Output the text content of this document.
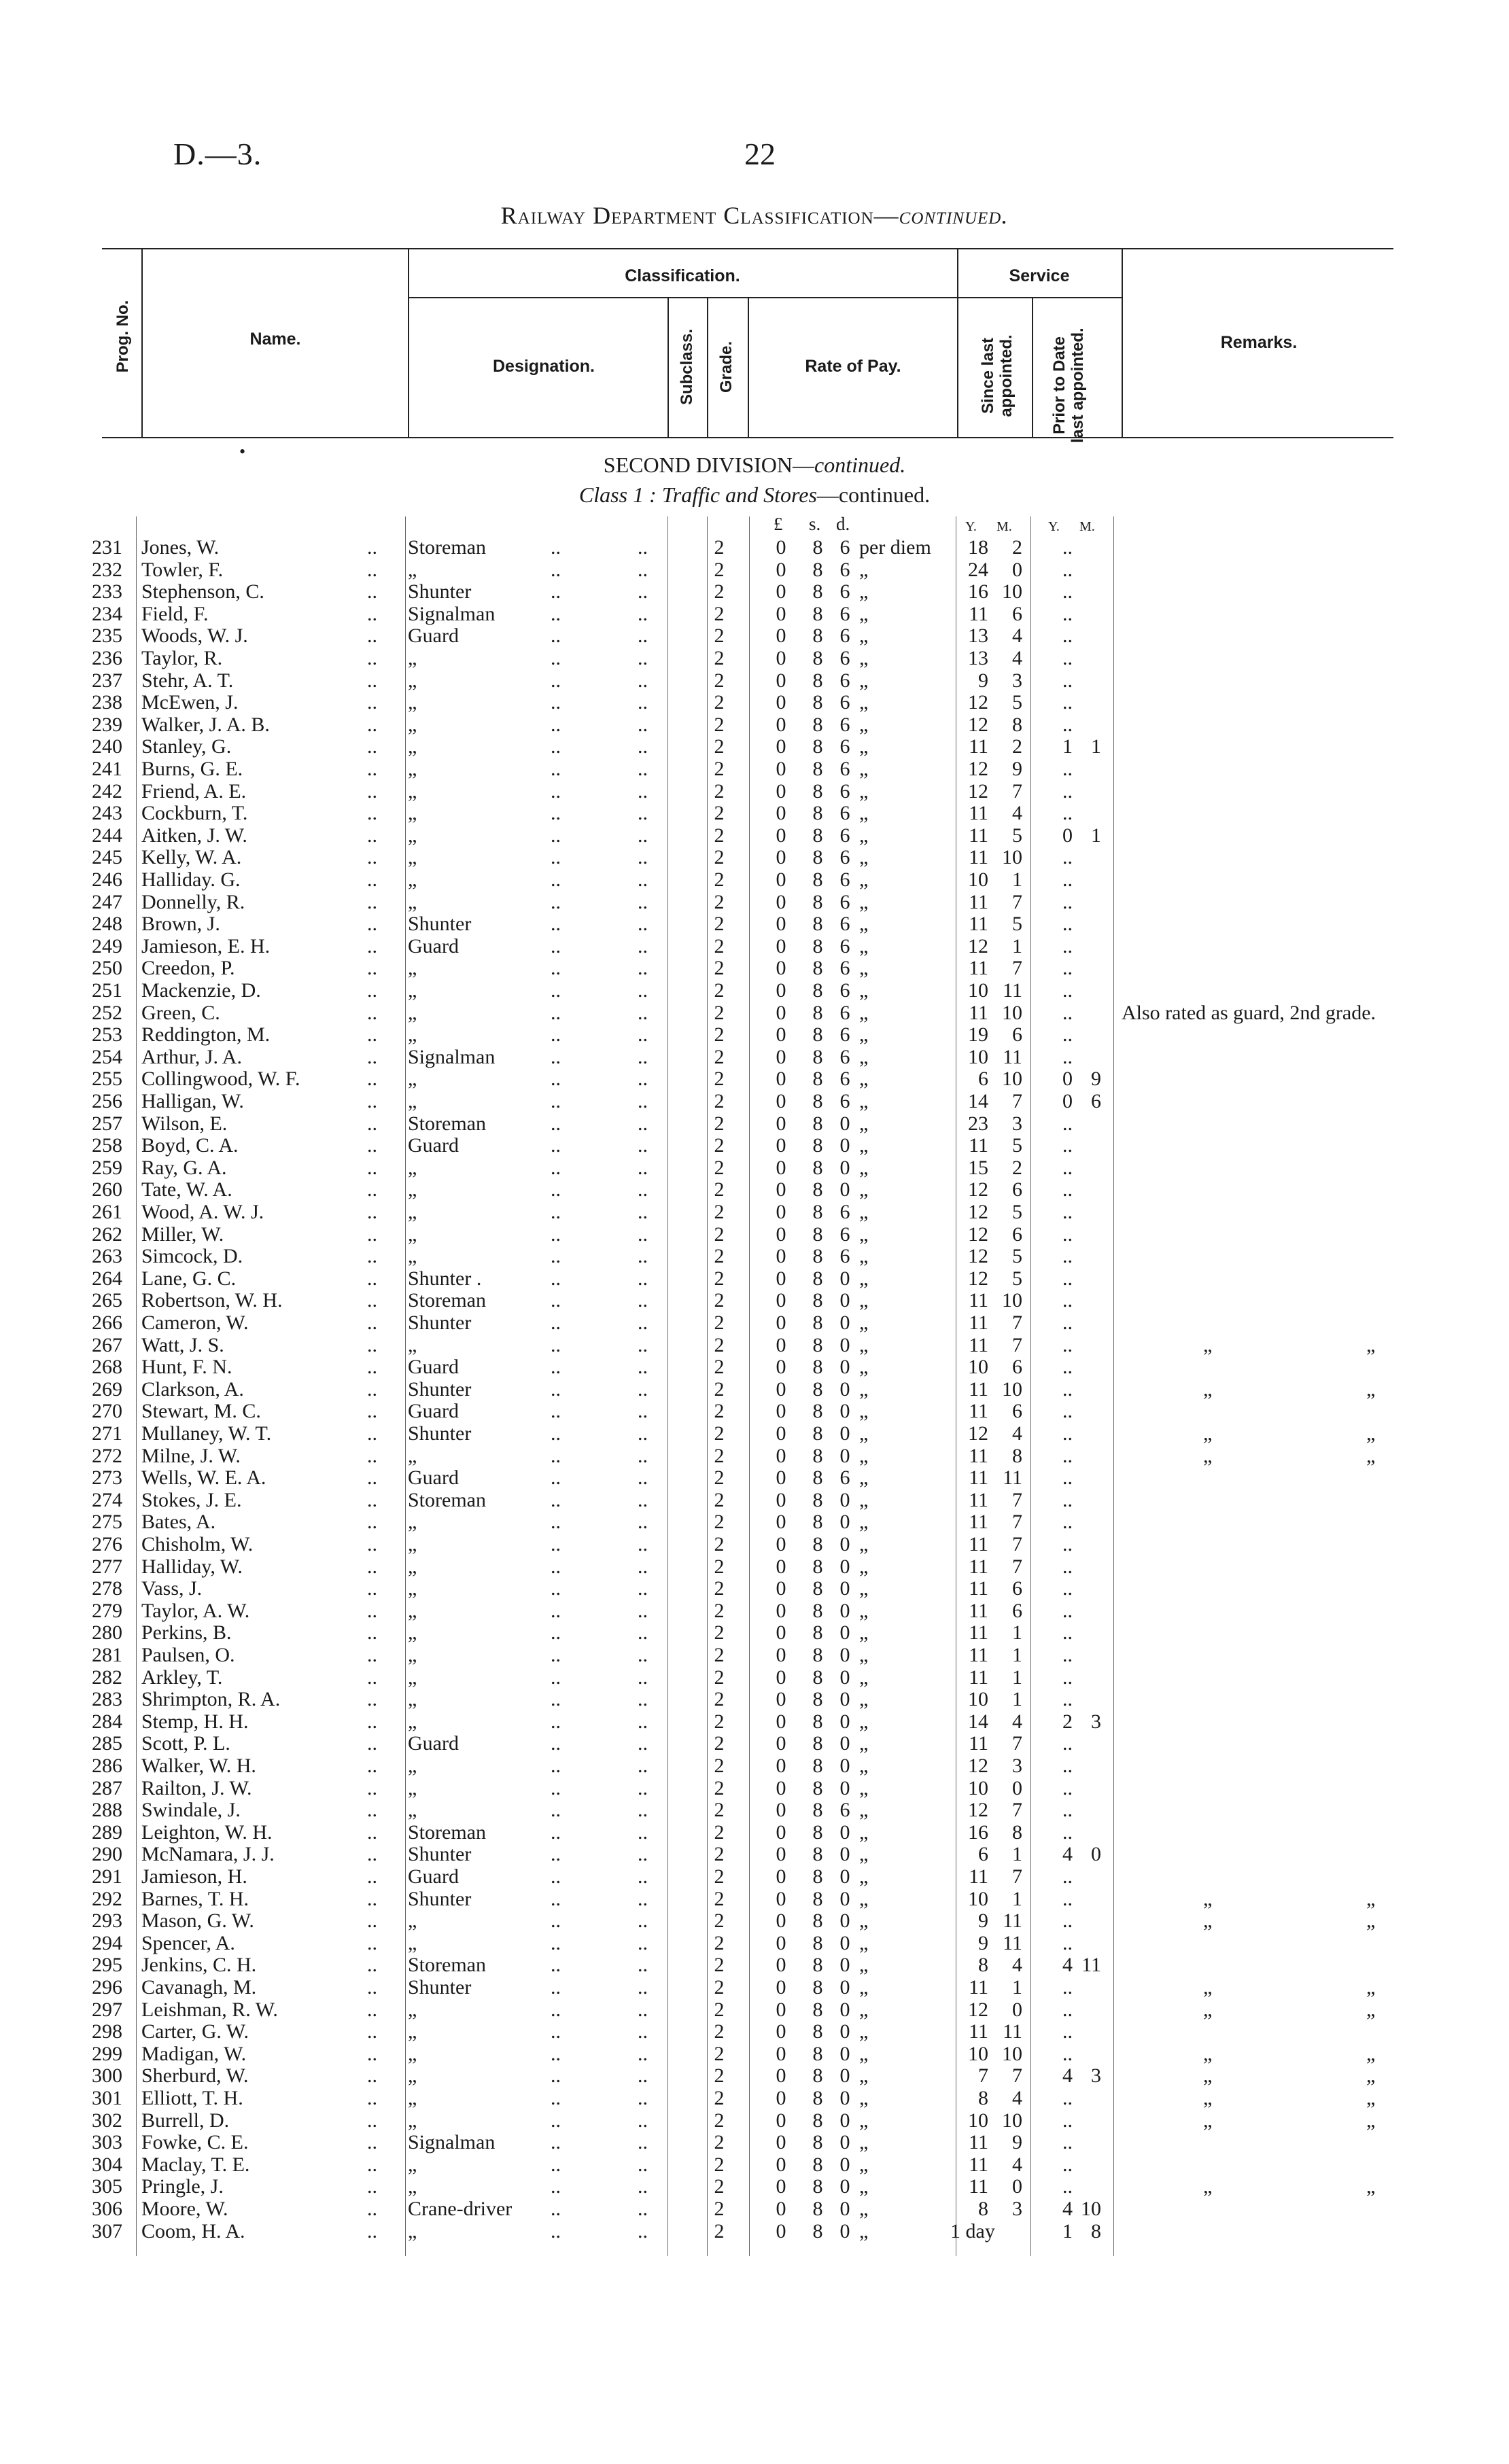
D.—3.	22
Railway Department Classification—continued.
Prog. No.	Name.
Classification.
Designation.	Subclass. Grade.	Rate of Pay.
Service
Since last appointed. Prior to Date last appointed.	Remarks.
•
SECOND DIVISION—continued.
Class 1 : Traffic and Stores—continued.
£ s. d.	Y. M.	Y. M.
231 Jones, W.	.. Storeman	..	..	2	0 8 6 per diem	18	2	..
232 Towler, F.	.. „	..	..	2	0 8 6 „	24	0	..
233 Stephenson, C.	.. Shunter	..	..	2	0 8 6 „	16 10	..
234 Field, F.	.. Signalman	..	..	2	0 8 6 „	11	6	..
235 Woods, W. J.	.. Guard	..	..	2	0 8 6 „	13	4	..
236 Taylor, R.	.. „	..	..	2	0 8 6 „	13	4	..
237 Stehr, A. T.	.. „	..	..	2	0 8 6 „	9	3	..
238 McEwen, J.	.. „	..	..	2	0 8 6 „	12	5	..
239 Walker, J. A. B.	.. „	..	..	2	0 8 6 „	12	8	..
240 Stanley, G.	.. „	..	..	2	0 8 6 „	11	2	1 1
241 Burns, G. E.	.. „	..	..	2	0 8 6 „	12	9	..
242 Friend, A. E.	.. „	..	..	2	0 8 6 „	12	7	..
243 Cockburn, T.	.. „	..	..	2	0 8 6 „	11	4	..
244 Aitken, J. W.	.. „	..	..	2	0 8 6 „	11	5	0 1
245 Kelly, W. A.	.. „	..	..	2	0 8 6 „	11 10	..
246 Halliday. G.	.. „	..	..	2	0 8 6 „	10	1	..
247 Donnelly, R.	.. „	..	..	2	0 8 6 „	11	7	..
248 Brown, J.	.. Shunter	..	..	2	0 8 6 „	11	5	..
249 Jamieson, E. H.	.. Guard	..	..	2	0 8 6 „	12	1	..
250 Creedon, P.	.. „	..	..	2	0 8 6 „	11	7	..
251 Mackenzie, D.	.. „	..	..	2	0 8 6 „	10 11	..
252 Green, C.	.. „	..	..	2	0 8 6 „	11 10	.. Also rated as guard, 2nd grade.
253 Reddington, M.	.. „	..	..	2	0 8 6 „	19	6	..
254 Arthur, J. A.	.. Signalman	..	..	2	0 8 6 „	10 11	..
255 Collingwood, W. F.	.. „	..	..	2	0 8 6 „	6 10	0 9
256 Halligan, W.	.. „	..	..	2	0 8 6 „	14	7	0 6
257 Wilson, E.	.. Storeman	..	..	2	0 8 0 „	23	3	..
258 Boyd, C. A.	.. Guard	..	..	2	0 8 0 „	11	5	..
259 Ray, G. A.	.. „	..	..	2	0 8 0 „	15	2	..
260 Tate, W. A.	.. „	..	..	2	0 8 0 „	12	6	..
261 Wood, A. W. J.	.. „	..	..	2	0 8 6 „	12	5	..
262 Miller, W.	.. „	..	..	2	0 8 6 „	12	6	..
263 Simcock, D.	.. „	..	..	2	0 8 6 „	12	5	..
264 Lane, G. C.	.. Shunter .	..	..	2	0 8 0 „	12	5	..
265 Robertson, W. H.	.. Storeman	..	..	2	0 8 0 „	11 10	..
266 Cameron, W.	.. Shunter	..	..	2	0 8 0 „	11	7	..
267 Watt, J. S.	.. „	..	..	2	0 8 0 „	11	7	..	„	„
268 Hunt, F. N.	.. Guard	..	..	2	0 8 0 „	10	6	..
269 Clarkson, A.	.. Shunter	..	..	2	0 8 0 „	11 10	..	„	„
270 Stewart, M. C.	.. Guard	..	..	2	0 8 0 „	11	6	..
271 Mullaney, W. T.	.. Shunter	..	..	2	0 8 0 „	12	4	..	„	„
272 Milne, J. W.	.. „	..	..	2	0 8 0 „	11	8	..	„	„
273 Wells, W. E. A.	.. Guard	..	..	2	0 8 6 „	11 11	..
274 Stokes, J. E.	.. Storeman	..	..	2	0 8 0 „	11	7	..
275 Bates, A.	.. „	..	..	2	0 8 0 „	11	7	..
276 Chisholm, W.	.. „	..	..	2	0 8 0 „	11	7	..
277 Halliday, W.	.. „	..	..	2	0 8 0 „	11	7	..
278 Vass, J.	.. „	..	..	2	0 8 0 „	11	6	..
279 Taylor, A. W.	.. „	..	..	2	0 8 0 „	11	6	..
280 Perkins, B.	.. „	..	..	2	0 8 0 „	11	1	..
281 Paulsen, O.	.. „	..	..	2	0 8 0 „	11	1	..
282 Arkley, T.	.. „	..	..	2	0 8 0 „	11	1	..
283 Shrimpton, R. A.	.. „	..	..	2	0 8 0 „	10	1	..
284 Stemp, H. H.	.. „	..	..	2	0 8 0 „	14	4	2 3
285 Scott, P. L.	.. Guard	..	..	2	0 8 0 „	11	7	..
286 Walker, W. H.	.. „	..	..	2	0 8 0 „	12	3	..
287 Railton, J. W.	.. „	..	..	2	0 8 0 „	10	0	..
288 Swindale, J.	.. „	..	..	2	0 8 6 „	12	7	..
289 Leighton, W. H.	.. Storeman	..	..	2	0 8 0 „	16	8	..
290 McNamara, J. J.	.. Shunter	..	..	2	0 8 0 „	6	1	4 0
291 Jamieson, H.	.. Guard	..	..	2	0 8 0 „	11	7	..
292 Barnes, T. H.	.. Shunter	..	..	2	0 8 0 „	10	1	..	„	„
293 Mason, G. W.	.. „	..	..	2	0 8 0 „	9 11	..	„	„
294 Spencer, A.	.. „	..	..	2	0 8 0 „	9 11	..
295 Jenkins, C. H.	.. Storeman	..	..	2	0 8 0 „	8	4	4 11
296 Cavanagh, M.	.. Shunter	..	..	2	0 8 0 „	11	1	..	„	„
297 Leishman, R. W.	.. „	..	..	2	0 8 0 „	12	0	..	„	„
298 Carter, G. W.	.. „	..	..	2	0 8 0 „	11 11	..
299 Madigan, W.	.. „	..	..	2	0 8 0 „	10 10	..	„	„
300 Sherburd, W.	.. „	..	..	2	0 8 0 „	7	7	4 3	„	„
301 Elliott, T. H.	.. „	..	..	2	0 8 0 „	8	4	..	„	„
302 Burrell, D.	.. „	..	..	2	0 8 0 „	10 10	..	„	„
303 Fowke, C. E.	.. Signalman	..	..	2	0 8 0 „	11	9	..
304 Maclay, T. E.	.. „	..	..	2	0 8 0 „	11	4	..
305 Pringle, J.	.. „	..	..	2	0 8 0 „	11	0	..	„	„
306 Moore, W.	.. Crane-driver	..	..	2	0 8 0 „	8	3	4 10
307 Coom, H. A.	.. „	..	..	2	0 8 0 „	1 day	1 8
